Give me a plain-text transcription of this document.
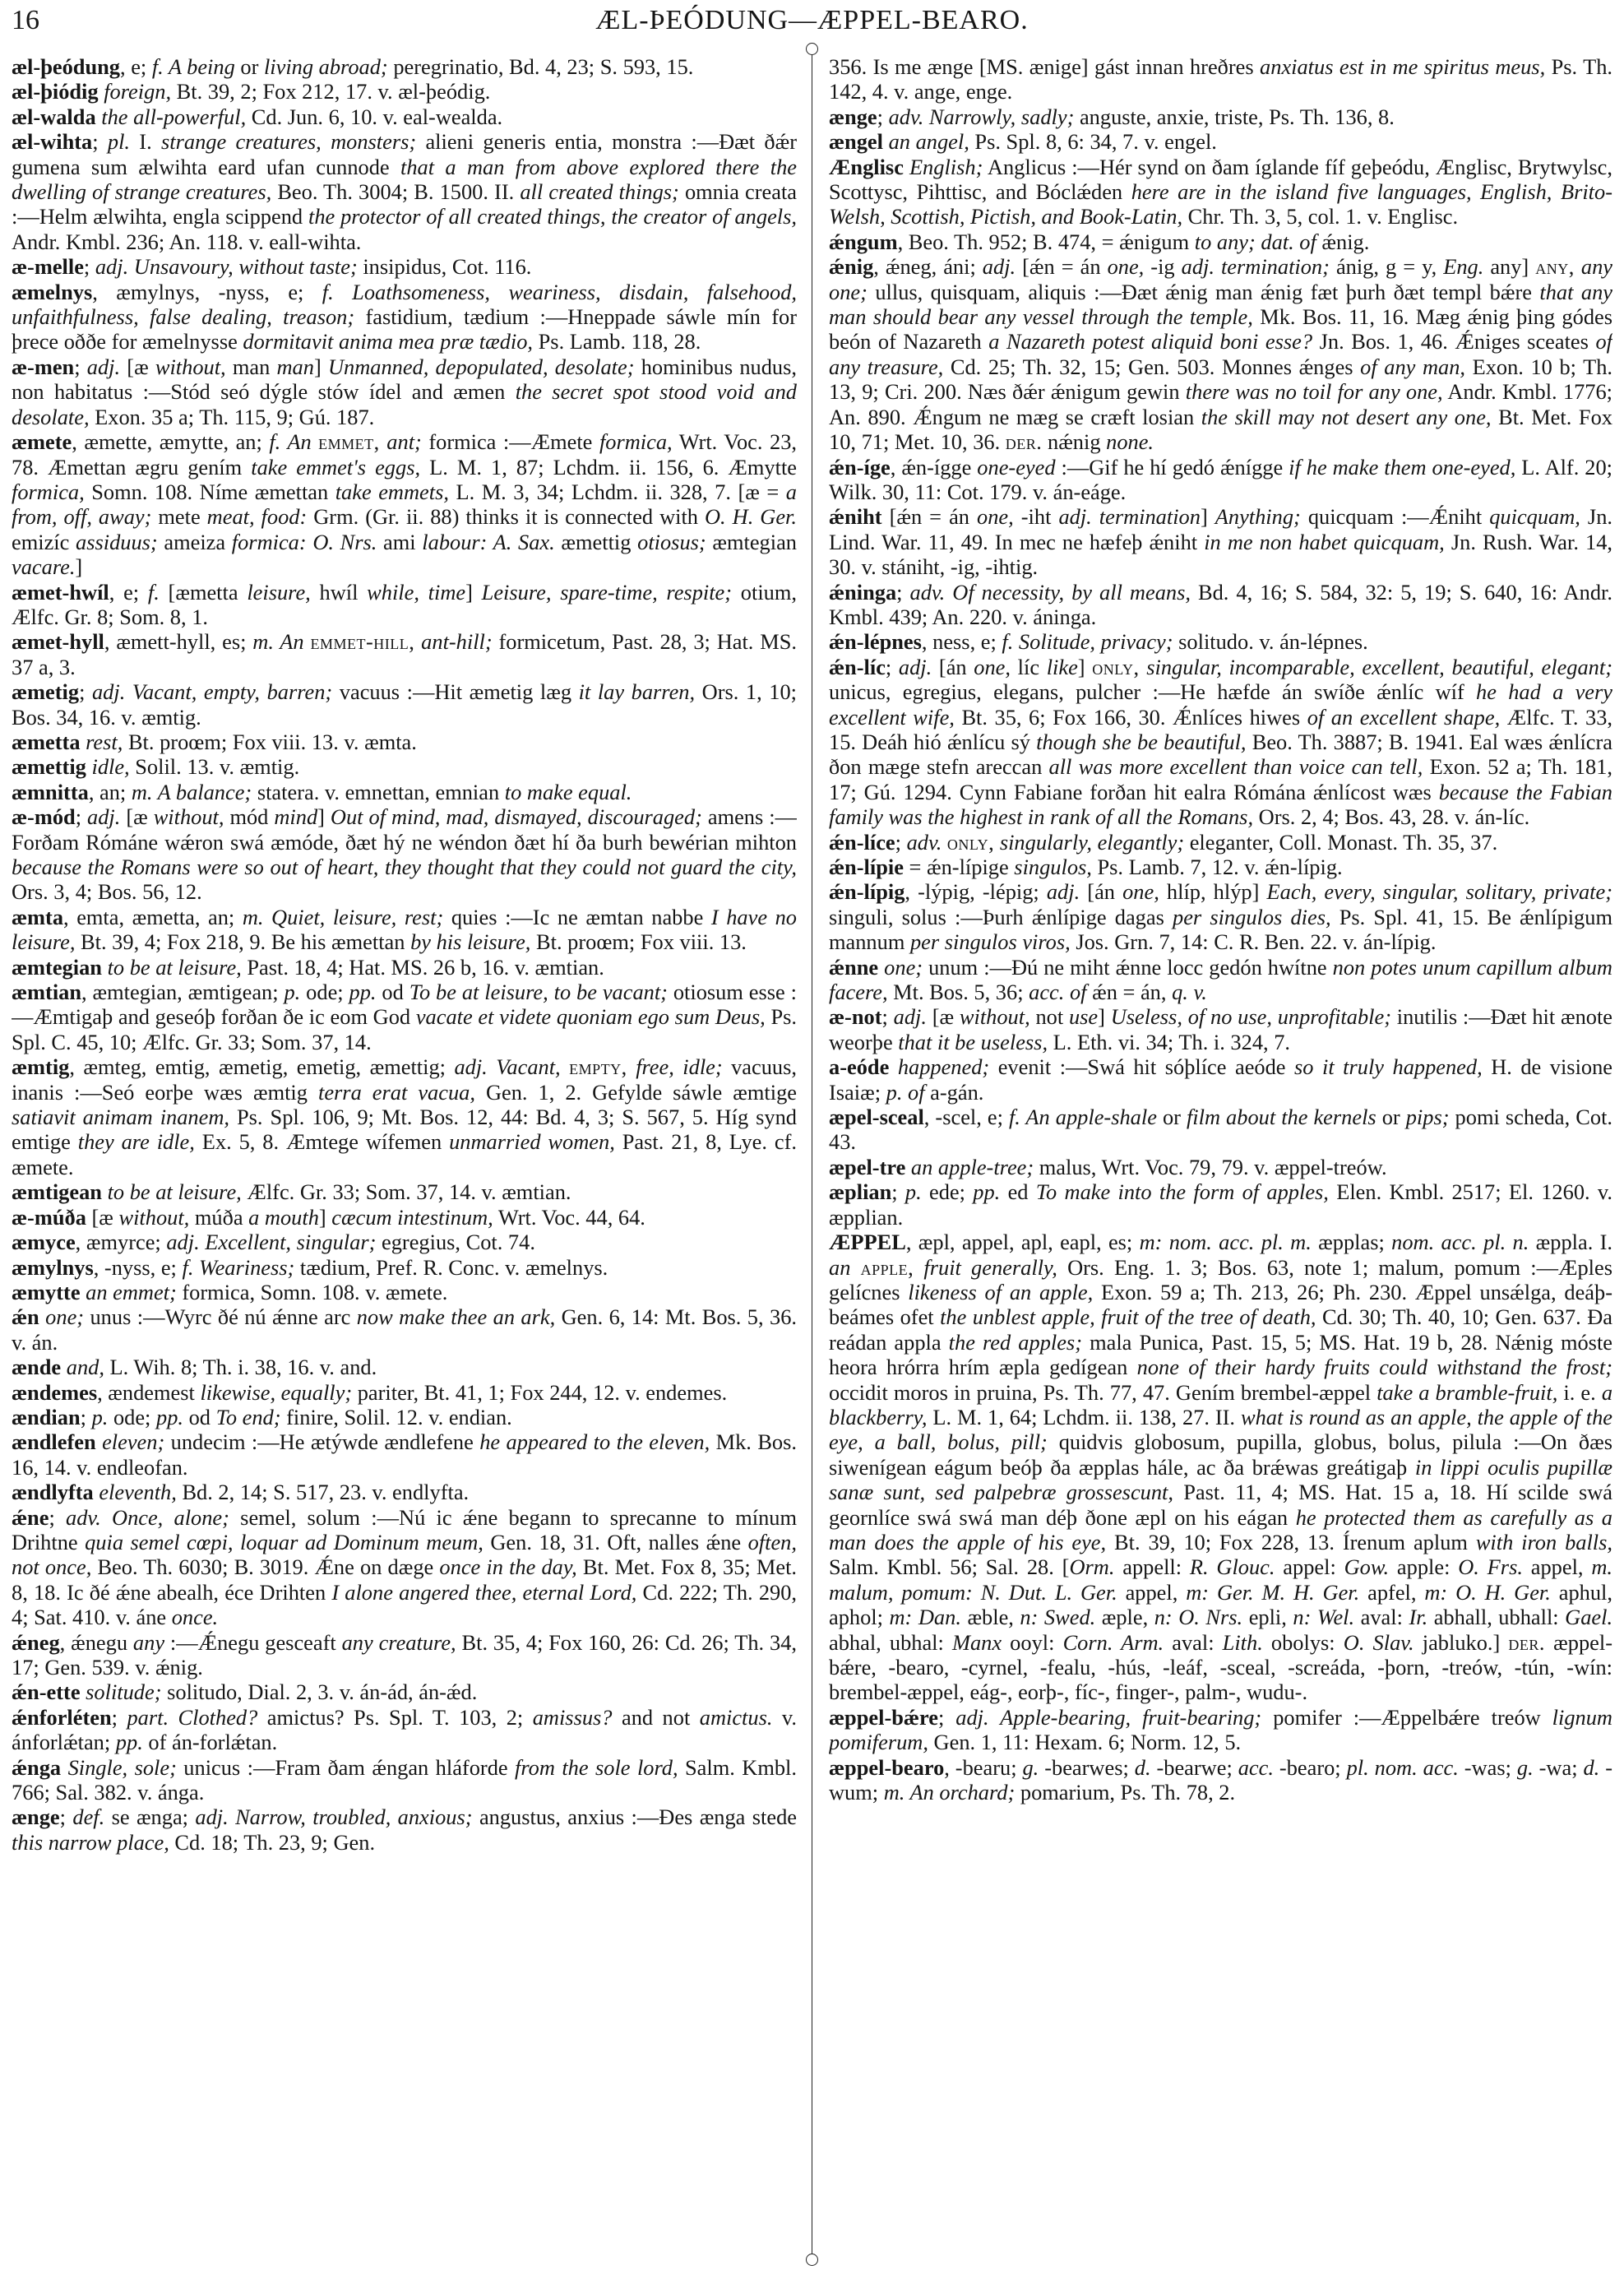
16	ÆL-ÞEÓDUNG—ÆPPEL-BEARO.

æl-þeódung, e; f. A being or living abroad; peregrinatio, Bd. 4, 23; S. 593, 15.

æl-þiódig foreign, Bt. 39, 2; Fox 212, 17. v. æl-þeódig.

æl-walda the all-powerful, Cd. Jun. 6, 10. v. eal-wealda.

æl-wihta; pl. I. strange creatures, monsters; alieni generis entia, monstra :—Ðæt ðǽr gumena sum ælwihta eard ufan cunnode that a man from above explored there the dwelling of strange creatures, Beo. Th. 3004; B. 1500. II. all created things; omnia creata :—Helm ælwihta, engla scippend the protector of all created things, the creator of angels, Andr. Kmbl. 236; An. 118. v. eall-wihta.

æ-melle; adj. Unsavoury, without taste; insipidus, Cot. 116.

æmelnys, æmylnys, -nyss, e; f. Loathsomeness, weariness, disdain, falsehood, unfaithfulness, false dealing, treason; fastidium, tædium :—Hneppade sáwle mín for þrece oððe for æmelnysse dormitavit anima mea præ tædio, Ps. Lamb. 118, 28.

æ-men; adj. [æ without, man man] Unmanned, depopulated, desolate; hominibus nudus, non habitatus :—Stód seó dýgle stów ídel and æmen the secret spot stood void and desolate, Exon. 35 a; Th. 115, 9; Gú. 187.

æmete, æmette, æmytte, an; f. An emmet, ant; formica :—Æmete formica, Wrt. Voc. 23, 78. Æmettan ægru gením take emmet's eggs, L. M. 1, 87; Lchdm. ii. 156, 6. Æmytte formica, Somn. 108. Níme æmettan take emmets, L. M. 3, 34; Lchdm. ii. 328, 7. [æ = a from, off, away; mete meat, food: Grm. (Gr. ii. 88) thinks it is connected with O. H. Ger. emizíc assiduus; ameiza formica: O. Nrs. ami labour: A. Sax. æmettig otiosus; æmtegian vacare.]

æmet-hwíl, e; f. [æmetta leisure, hwíl while, time] Leisure, spare-time, respite; otium, Ælfc. Gr. 8; Som. 8, 1.

æmet-hyll, æmett-hyll, es; m. An emmet-hill, ant-hill; formicetum, Past. 28, 3; Hat. MS. 37 a, 3.

æmetig; adj. Vacant, empty, barren; vacuus :—Hit æmetig læg it lay barren, Ors. 1, 10; Bos. 34, 16. v. æmtig.

æmetta rest, Bt. proœm; Fox viii. 13. v. æmta.

æmettig idle, Solil. 13. v. æmtig.

æmnitta, an; m. A balance; statera. v. emnettan, emnian to make equal.

æ-mód; adj. [æ without, mód mind] Out of mind, mad, dismayed, discouraged; amens :—Forðam Rómáne wǽron swá æmóde, ðæt hý ne wéndon ðæt hí ða burh bewérian mihton because the Romans were so out of heart, they thought that they could not guard the city, Ors. 3, 4; Bos. 56, 12.

æmta, emta, æmetta, an; m. Quiet, leisure, rest; quies :—Ic ne æmtan nabbe I have no leisure, Bt. 39, 4; Fox 218, 9. Be his æmettan by his leisure, Bt. proœm; Fox viii. 13.

æmtegian to be at leisure, Past. 18, 4; Hat. MS. 26 b, 16. v. æmtian.

æmtian, æmtegian, æmtigean; p. ode; pp. od To be at leisure, to be vacant; otiosum esse :—Æmtigaþ and geseóþ forðan ðe ic eom God vacate et videte quoniam ego sum Deus, Ps. Spl. C. 45, 10; Ælfc. Gr. 33; Som. 37, 14.

æmtig, æmteg, emtig, æmetig, emetig, æmettig; adj. Vacant, empty, free, idle; vacuus, inanis :—Seó eorþe wæs æmtig terra erat vacua, Gen. 1, 2. Gefylde sáwle æmtige satiavit animam inanem, Ps. Spl. 106, 9; Mt. Bos. 12, 44: Bd. 4, 3; S. 567, 5. Híg synd emtige they are idle, Ex. 5, 8. Æmtege wífemen unmarried women, Past. 21, 8, Lye. cf. æmete.

æmtigean to be at leisure, Ælfc. Gr. 33; Som. 37, 14. v. æmtian.

æ-múða [æ without, múða a mouth] cæcum intestinum, Wrt. Voc. 44, 64.

æmyce, æmyrce; adj. Excellent, singular; egregius, Cot. 74.

æmylnys, -nyss, e; f. Weariness; tædium, Pref. R. Conc. v. æmelnys.

æmytte an emmet; formica, Somn. 108. v. æmete.

ǽn one; unus :—Wyrc ðé nú ǽnne arc now make thee an ark, Gen. 6, 14: Mt. Bos. 5, 36. v. án.

ænde and, L. Wih. 8; Th. i. 38, 16. v. and.

ændemes, ændemest likewise, equally; pariter, Bt. 41, 1; Fox 244, 12. v. endemes.

ændian; p. ode; pp. od To end; finire, Solil. 12. v. endian.

ændlefen eleven; undecim :—He ætýwde ændlefene he appeared to the eleven, Mk. Bos. 16, 14. v. endleofan.

ændlyfta eleventh, Bd. 2, 14; S. 517, 23. v. endlyfta.

ǽne; adv. Once, alone; semel, solum :—Nú ic ǽne begann to sprecanne to mínum Drihtne quia semel cœpi, loquar ad Dominum meum, Gen. 18, 31. Oft, nalles ǽne often, not once, Beo. Th. 6030; B. 3019. Ǽne on dæge once in the day, Bt. Met. Fox 8, 35; Met. 8, 18. Ic ðé ǽne abealh, éce Drihten I alone angered thee, eternal Lord, Cd. 222; Th. 290, 4; Sat. 410. v. áne once.

ǽneg, ǽnegu any :—Ǽnegu gesceaft any creature, Bt. 35, 4; Fox 160, 26: Cd. 26; Th. 34, 17; Gen. 539. v. ǽnig.

ǽn-ette solitude; solitudo, Dial. 2, 3. v. án-ád, án-ǽd.

ǽnforléten; part. Clothed? amictus? Ps. Spl. T. 103, 2; amissus? and not amictus. v. ánforlǽtan; pp. of án-forlǽtan.

ǽnga Single, sole; unicus :—Fram ðam ǽngan hláforde from the sole lord, Salm. Kmbl. 766; Sal. 382. v. ánga.

ænge; def. se ænga; adj. Narrow, troubled, anxious; angustus, anxius :—Ðes ænga stede this narrow place, Cd. 18; Th. 23, 9; Gen.

356. Is me ænge [MS. ænige] gást innan hreðres anxiatus est in me spiritus meus, Ps. Th. 142, 4. v. ange, enge.

ænge; adv. Narrowly, sadly; anguste, anxie, triste, Ps. Th. 136, 8.

ængel an angel, Ps. Spl. 8, 6: 34, 7. v. engel.

Ænglisc English; Anglicus :—Hér synd on ðam íglande fíf geþeódu, Ænglisc, Brytwylsc, Scottysc, Pihttisc, and Bóclǽden here are in the island five languages, English, Brito-Welsh, Scottish, Pictish, and Book-Latin, Chr. Th. 3, 5, col. 1. v. Englisc.

ǽngum, Beo. Th. 952; B. 474, = ǽnigum to any; dat. of ǽnig.

ǽnig, ǽneg, áni; adj. [ǽn = án one, -ig adj. termination; ánig, g = y, Eng. any] any, any one; ullus, quisquam, aliquis :—Ðæt ǽnig man ǽnig fæt þurh ðæt templ bǽre that any man should bear any vessel through the temple, Mk. Bos. 11, 16. Mæg ǽnig þing gódes beón of Nazareth a Nazareth potest aliquid boni esse? Jn. Bos. 1, 46. Ǽniges sceates of any treasure, Cd. 25; Th. 32, 15; Gen. 503. Monnes ǽnges of any man, Exon. 10 b; Th. 13, 9; Cri. 200. Næs ðǽr ǽnigum gewin there was no toil for any one, Andr. Kmbl. 1776; An. 890. Ǽngum ne mæg se cræft losian the skill may not desert any one, Bt. Met. Fox 10, 71; Met. 10, 36. der. nǽnig none.

ǽn-íge, ǽn-ígge one-eyed :—Gif he hí gedó ǽnígge if he make them one-eyed, L. Alf. 20; Wilk. 30, 11: Cot. 179. v. án-eáge.

ǽniht [ǽn = án one, -iht adj. termination] Anything; quicquam :—Ǽniht quicquam, Jn. Lind. War. 11, 49. In mec ne hæfeþ ǽniht in me non habet quicquam, Jn. Rush. War. 14, 30. v. stániht, -ig, -ihtig.

ǽninga; adv. Of necessity, by all means, Bd. 4, 16; S. 584, 32: 5, 19; S. 640, 16: Andr. Kmbl. 439; An. 220. v. áninga.

ǽn-lépnes, ness, e; f. Solitude, privacy; solitudo. v. án-lépnes.

ǽn-líc; adj. [án one, líc like] only, singular, incomparable, excellent, beautiful, elegant; unicus, egregius, elegans, pulcher :—He hæfde án swíðe ǽnlíc wíf he had a very excellent wife, Bt. 35, 6; Fox 166, 30. Ǽnlíces hiwes of an excellent shape, Ælfc. T. 33, 15. Deáh hió ǽnlícu sý though she be beautiful, Beo. Th. 3887; B. 1941. Eal wæs ǽnlícra ðon mæge stefn areccan all was more excellent than voice can tell, Exon. 52 a; Th. 181, 17; Gú. 1294. Cynn Fabiane forðan hit ealra Rómána ǽnlícost wæs because the Fabian family was the highest in rank of all the Romans, Ors. 2, 4; Bos. 43, 28. v. án-líc.

ǽn-líce; adv. only, singularly, elegantly; eleganter, Coll. Monast. Th. 35, 37.

ǽn-lípie = ǽn-lípige singulos, Ps. Lamb. 7, 12. v. ǽn-lípig.

ǽn-lípig, -lýpig, -lépig; adj. [án one, hlíp, hlýp] Each, every, singular, solitary, private; singuli, solus :—Þurh ǽnlípige dagas per singulos dies, Ps. Spl. 41, 15. Be ǽnlípigum mannum per singulos viros, Jos. Grn. 7, 14: C. R. Ben. 22. v. án-lípig.

ǽnne one; unum :—Ðú ne miht ǽnne locc gedón hwítne non potes unum capillum album facere, Mt. Bos. 5, 36; acc. of ǽn = án, q. v.

æ-not; adj. [æ without, not use] Useless, of no use, unprofitable; inutilis :—Ðæt hit ænote weorþe that it be useless, L. Eth. vi. 34; Th. i. 324, 7.

a-eóde happened; evenit :—Swá hit sóþlíce aeóde so it truly happened, H. de visione Isaiæ; p. of a-gán.

æpel-sceal, -scel, e; f. An apple-shale or film about the kernels or pips; pomi scheda, Cot. 43.

æpel-tre an apple-tree; malus, Wrt. Voc. 79, 79. v. æppel-treów.

æplian; p. ede; pp. ed To make into the form of apples, Elen. Kmbl. 2517; El. 1260. v. æpplian.

ÆPPEL, æpl, appel, apl, eapl, es; m: nom. acc. pl. m. æpplas; nom. acc. pl. n. æppla. I. an apple, fruit generally, Ors. Eng. 1. 3; Bos. 63, note 1; malum, pomum :—Æples gelícnes likeness of an apple, Exon. 59 a; Th. 213, 26; Ph. 230. Æppel unsǽlga, deáþ-beámes ofet the unblest apple, fruit of the tree of death, Cd. 30; Th. 40, 10; Gen. 637. Ða reádan appla the red apples; mala Punica, Past. 15, 5; MS. Hat. 19 b, 28. Nǽnig móste heora hrórra hrím æpla gedígean none of their hardy fruits could withstand the frost; occidit moros in pruina, Ps. Th. 77, 47. Gením brembel-æppel take a bramble-fruit, i. e. a blackberry, L. M. 1, 64; Lchdm. ii. 138, 27. II. what is round as an apple, the apple of the eye, a ball, bolus, pill; quidvis globosum, pupilla, globus, bolus, pilula :—On ðæs siwenígean eágum beóþ ða æpplas hále, ac ða brǽwas greátigaþ in lippi oculis pupillæ sanæ sunt, sed palpebræ grossescunt, Past. 11, 4; MS. Hat. 15 a, 18. Hí scilde swá geornlíce swá swá man déþ ðone æpl on his eágan he protected them as carefully as a man does the apple of his eye, Bt. 39, 10; Fox 228, 13. Írenum aplum with iron balls, Salm. Kmbl. 56; Sal. 28. [Orm. appell: R. Glouc. appel: Gow. apple: O. Frs. appel, m. malum, pomum: N. Dut. L. Ger. appel, m: Ger. M. H. Ger. apfel, m: O. H. Ger. aphul, aphol; m: Dan. æble, n: Swed. æple, n: O. Nrs. epli, n: Wel. aval: Ir. abhall, ubhall: Gael. abhal, ubhal: Manx ooyl: Corn. Arm. aval: Lith. obolys: O. Slav. jabluko.] der. æppel-bǽre, -bearo, -cyrnel, -fealu, -hús, -leáf, -sceal, -screáda, -þorn, -treów, -tún, -wín: brembel-æppel, eág-, eorþ-, fíc-, finger-, palm-, wudu-.

æppel-bǽre; adj. Apple-bearing, fruit-bearing; pomifer :—Æppelbǽre treów lignum pomiferum, Gen. 1, 11: Hexam. 6; Norm. 12, 5.

æppel-bearo, -bearu; g. -bearwes; d. -bearwe; acc. -bearo; pl. nom. acc. -was; g. -wa; d. -wum; m. An orchard; pomarium, Ps. Th. 78, 2.
